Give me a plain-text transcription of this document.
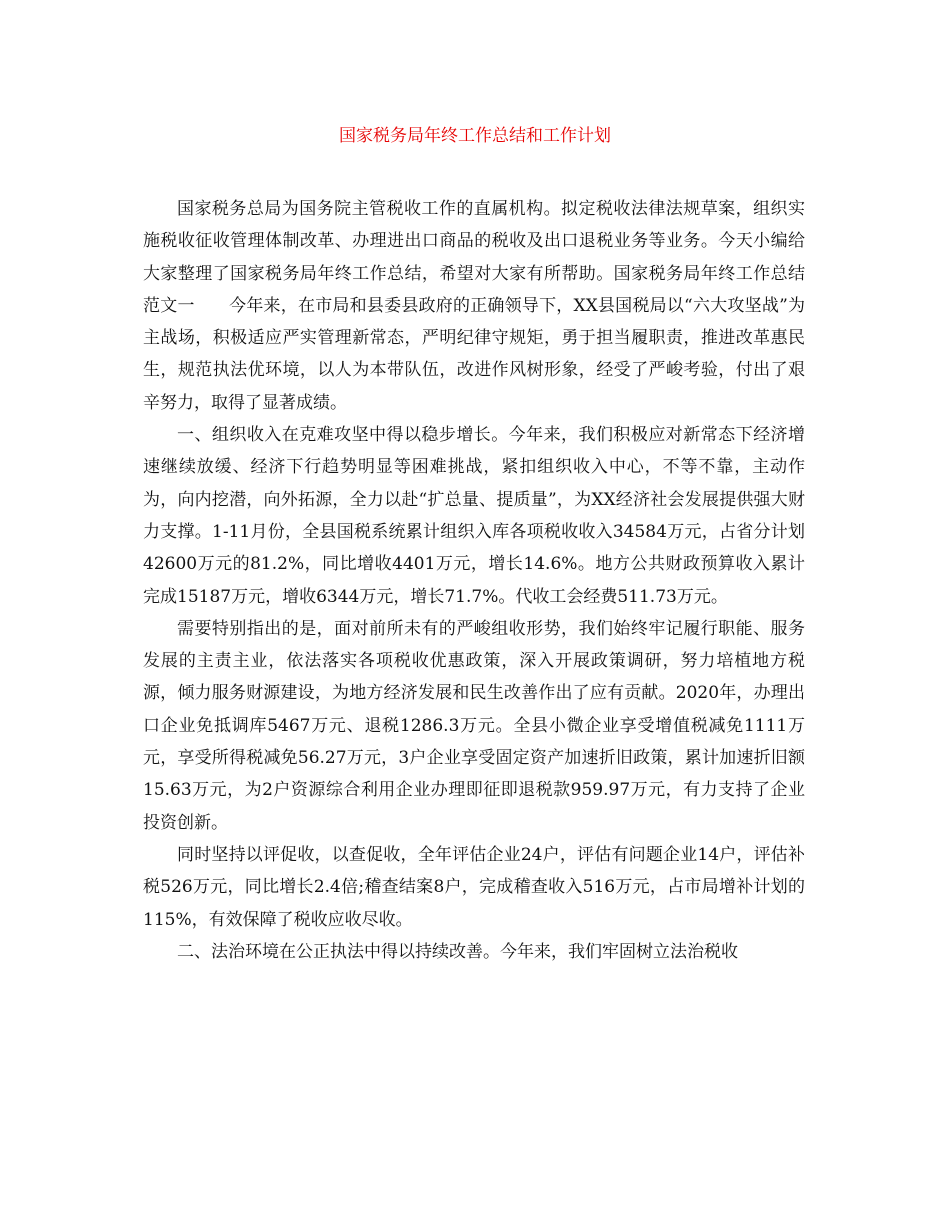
国家税务局年终工作总结和工作计划

国家税务总局为国务院主管税收工作的直属机构。拟定税收法律法规草案，组织实施税收征收管理体制改革、办理进出口商品的税收及出口退税业务等业务。今天小编给大家整理了国家税务局年终工作总结，希望对大家有所帮助。国家税务局年终工作总结范文一　　今年来，在市局和县委县政府的正确领导下，XX县国税局以“六大攻坚战”为主战场，积极适应严实管理新常态，严明纪律守规矩，勇于担当履职责，推进改革惠民生，规范执法优环境，以人为本带队伍，改进作风树形象，经受了严峻考验，付出了艰辛努力，取得了显著成绩。

一、组织收入在克难攻坚中得以稳步增长。今年来，我们积极应对新常态下经济增速继续放缓、经济下行趋势明显等困难挑战，紧扣组织收入中心，不等不靠，主动作为，向内挖潜，向外拓源，全力以赴“扩总量、提质量”，为XX经济社会发展提供强大财力支撑。1-11月份，全县国税系统累计组织入库各项税收收入34584万元，占省分计划42600万元的81.2%，同比增收4401万元，增长14.6%。地方公共财政预算收入累计完成15187万元，增收6344万元，增长71.7%。代收工会经费511.73万元。

需要特别指出的是，面对前所未有的严峻组收形势，我们始终牢记履行职能、服务发展的主责主业，依法落实各项税收优惠政策，深入开展政策调研，努力培植地方税源，倾力服务财源建设，为地方经济发展和民生改善作出了应有贡献。2020年，办理出口企业免抵调库5467万元、退税1286.3万元。全县小微企业享受增值税减免1111万元，享受所得税减免56.27万元，3户企业享受固定资产加速折旧政策，累计加速折旧额15.63万元，为2户资源综合利用企业办理即征即退税款959.97万元，有力支持了企业投资创新。

同时坚持以评促收，以查促收，全年评估企业24户，评估有问题企业14户，评估补税526万元，同比增长2.4倍;稽查结案8户，完成稽查收入516万元，占市局增补计划的115%，有效保障了税收应收尽收。

二、法治环境在公正执法中得以持续改善。今年来，我们牢固树立法治税收
